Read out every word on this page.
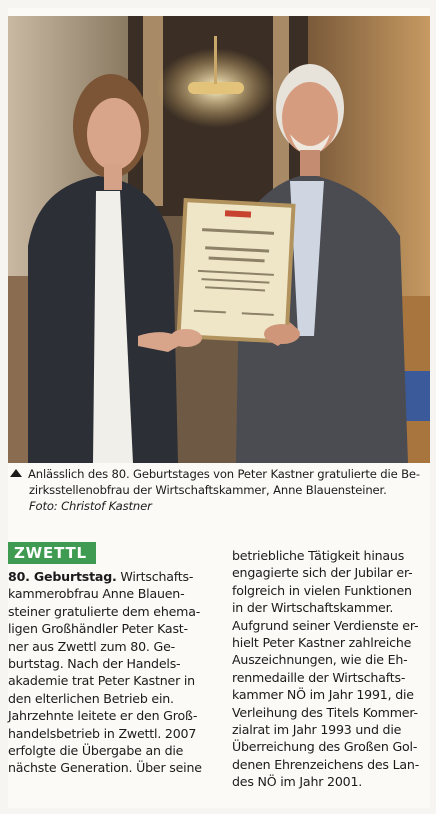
Anlässlich des 80. Geburtstages von Peter Kastner gratulierte die Be-
zirksstellenobfrau der Wirtschaftskammer, Anne Blauensteiner.
Foto: Christof Kastner
ZWETTL
80. Geburtstag. Wirtschafts-
kammerobfrau Anne Blauen-
steiner gratulierte dem ehema-
ligen Großhändler Peter Kast-
ner aus Zwettl zum 80. Ge-
burtstag. Nach der Handels-
akademie trat Peter Kastner in
den elterlichen Betrieb ein.
Jahrzehnte leitete er den Groß-
handelsbetrieb in Zwettl. 2007
erfolgte die Übergabe an die
nächste Generation. Über seine
betriebliche Tätigkeit hinaus
engagierte sich der Jubilar er-
folgreich in vielen Funktionen
in der Wirtschaftskammer.
Aufgrund seiner Verdienste er-
hielt Peter Kastner zahlreiche
Auszeichnungen, wie die Eh-
renmedaille der Wirtschafts-
kammer NÖ im Jahr 1991, die
Verleihung des Titels Kommer-
zialrat im Jahr 1993 und die
Überreichung des Großen Gol-
denen Ehrenzeichens des Lan-
des NÖ im Jahr 2001.
